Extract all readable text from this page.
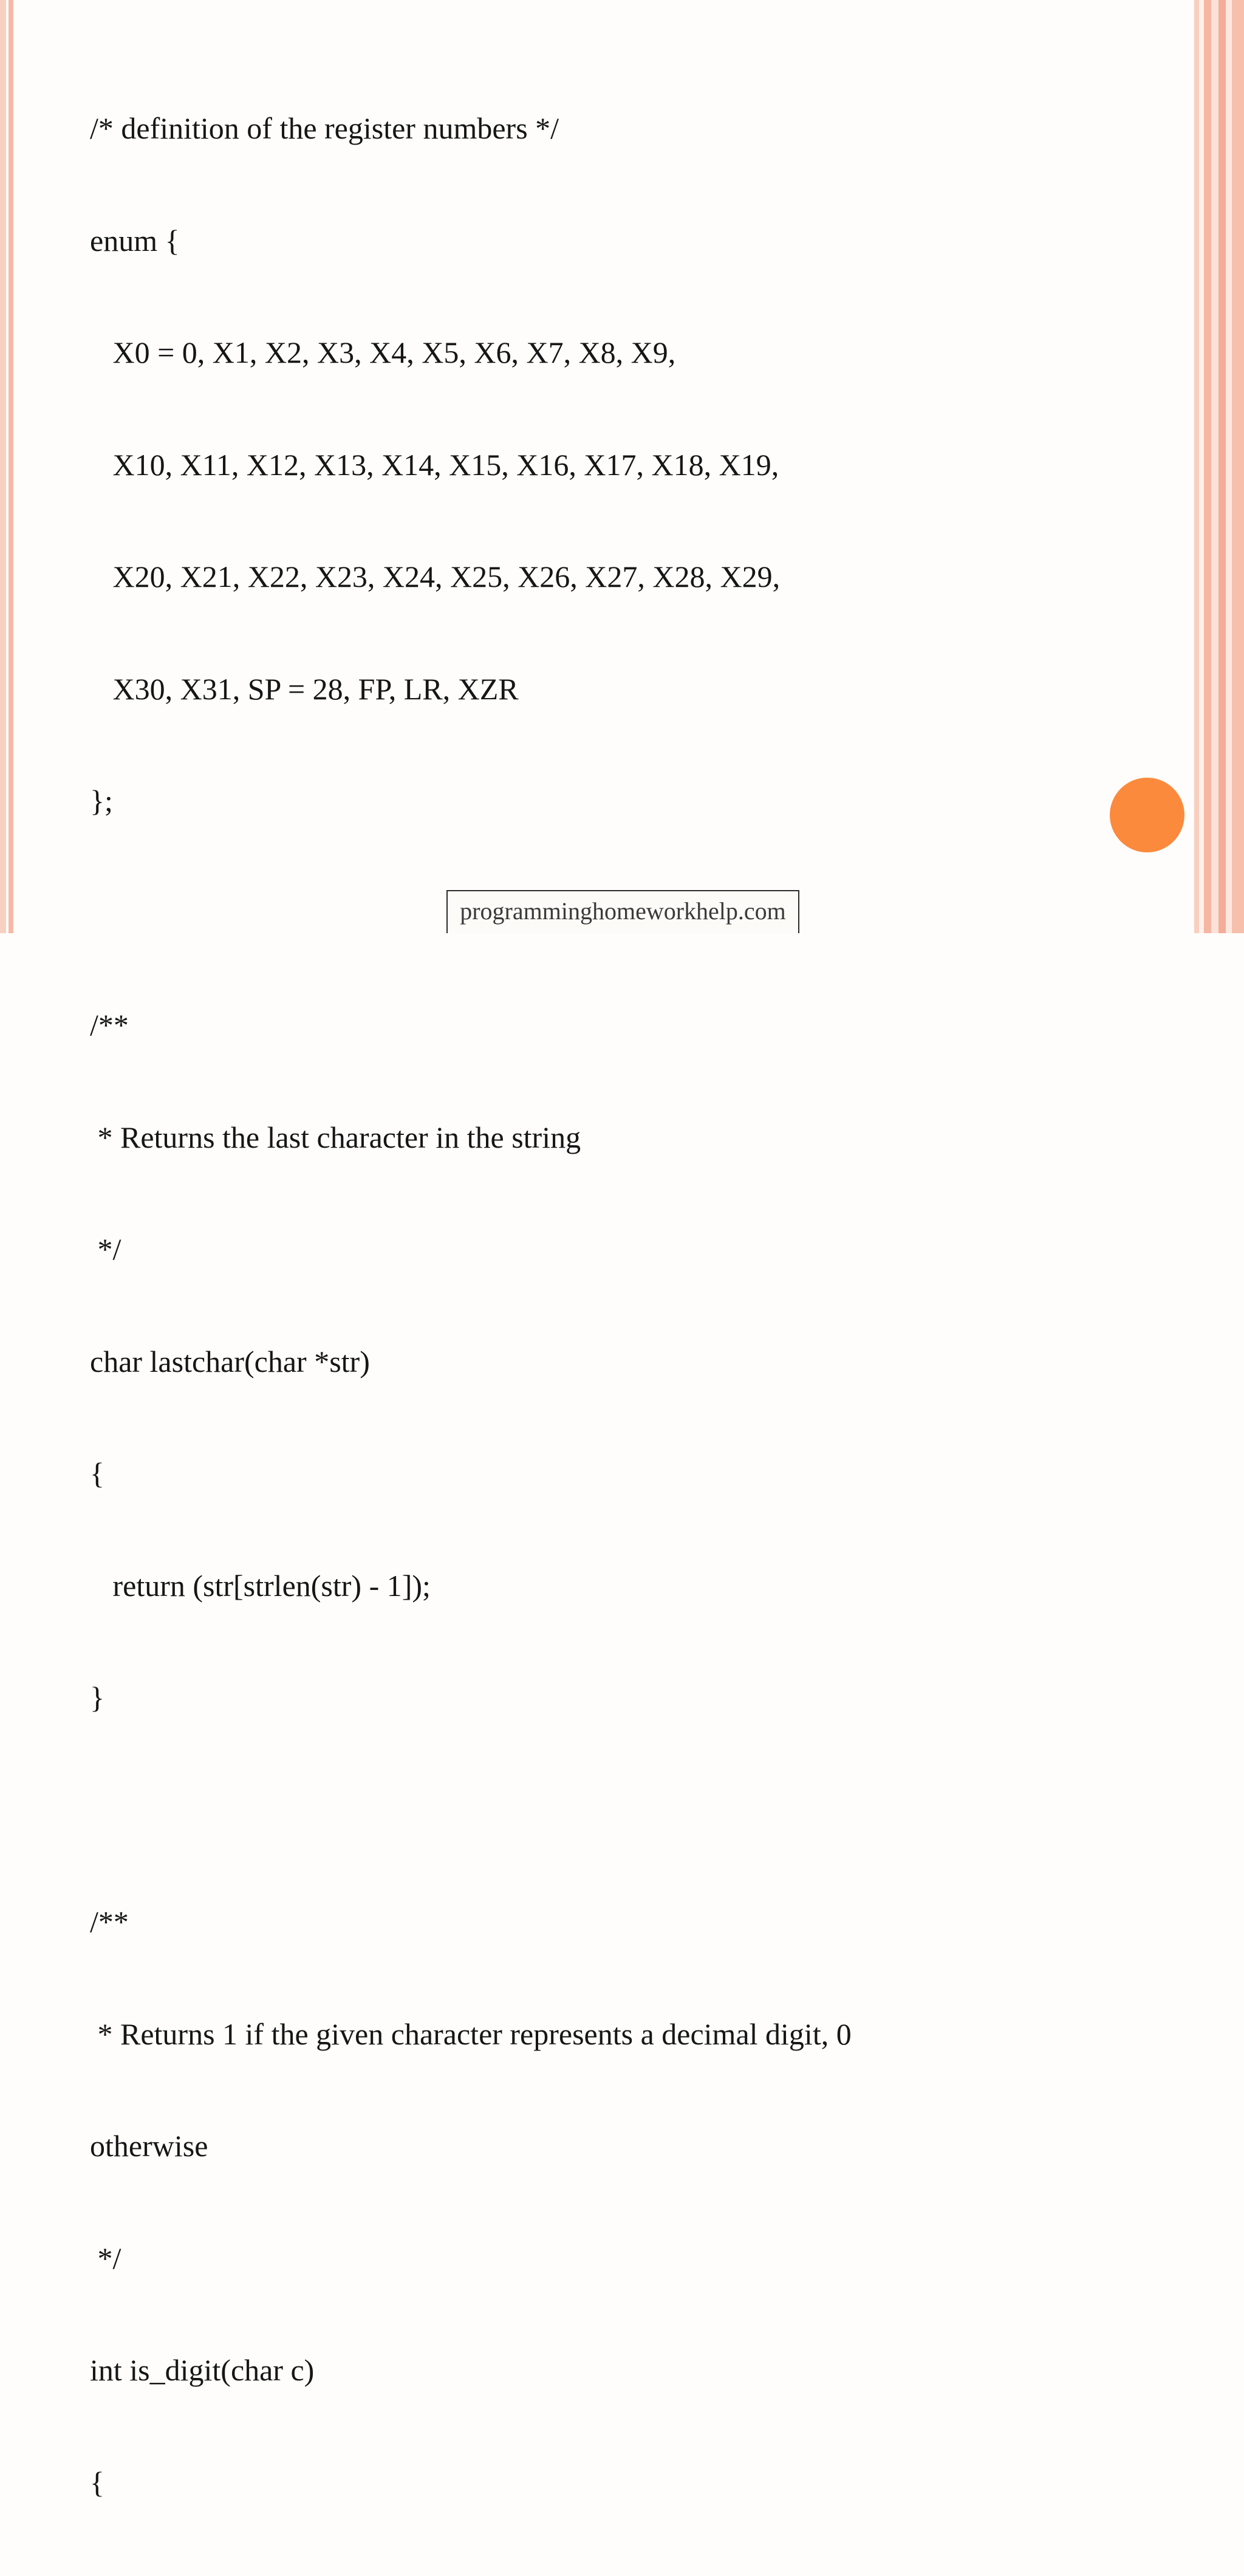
/* definition of the register numbers */

enum {

X0 = 0, X1, X2, X3, X4, X5, X6, X7, X8, X9,

X10, X11, X12, X13, X14, X15, X16, X17, X18, X19,

X20, X21, X22, X23, X24, X25, X26, X27, X28, X29,

X30, X31, SP = 28, FP, LR, XZR

};

/**

* Returns the last character in the string

*/

char lastchar(char *str)

{

return (str[strlen(str) - 1]);

}

/**

* Returns 1 if the given character represents a decimal digit, 0

otherwise

*/

int is_digit(char c)

{

programminghomeworkhelp.com
